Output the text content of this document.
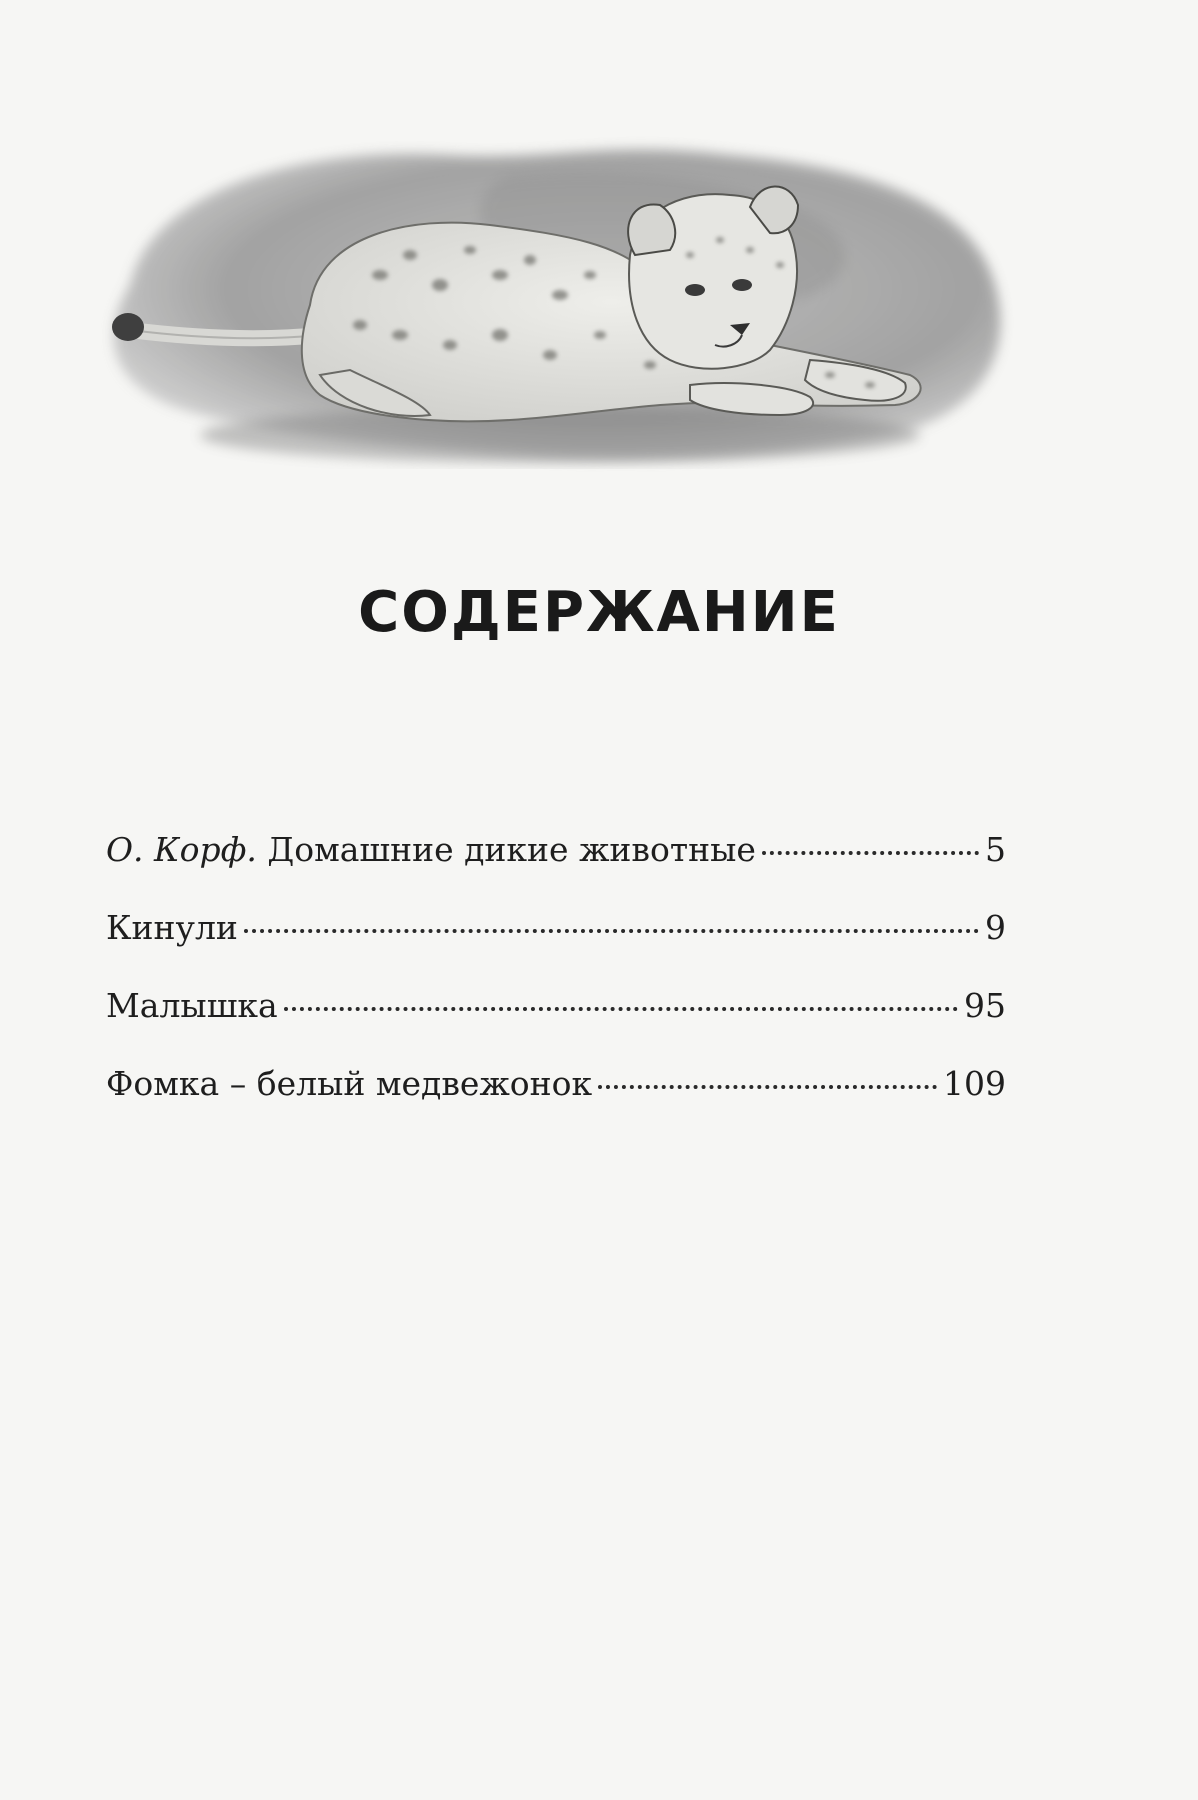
СОДЕРЖАНИЕ
О. Корф. Домашние дикие животные	5
Кинули	9
Малышка	95
Фомка – белый медвежонок	109
